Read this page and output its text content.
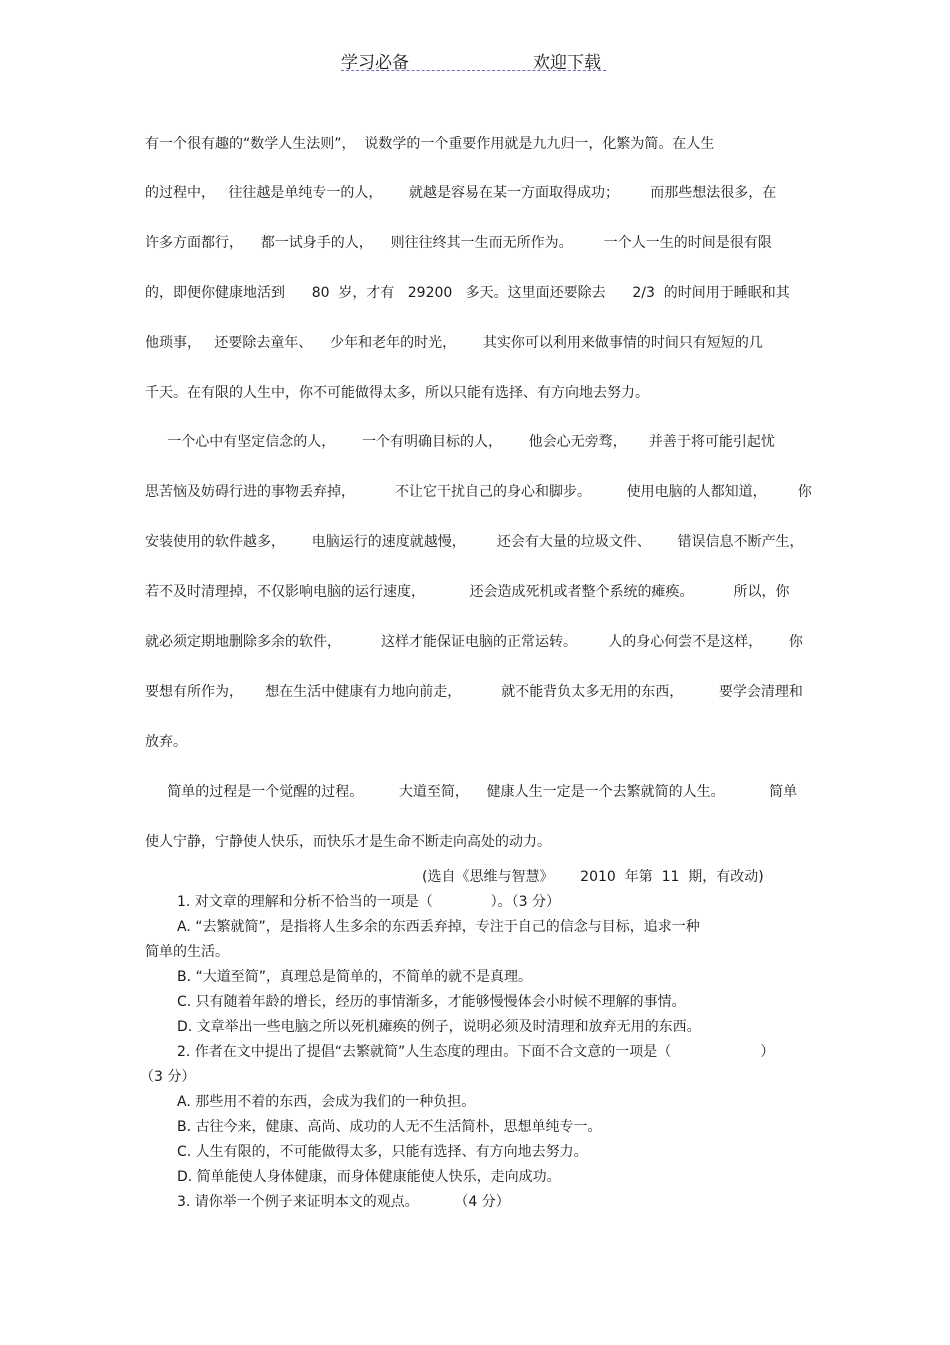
学习必备	欢迎下载
有一个很有趣的“数学人生法则”，  说数学的一个重要作用就是九九归一，化繁为简。在人生
的过程中，   往往越是单纯专一的人，      就越是容易在某一方面取得成功；       而那些想法很多，在
许多方面都行，    都一试身手的人，    则往往终其一生而无所作为。       一个人一生的时间是很有限
的，即便你健康地活到      80  岁，才有   29200   多天。这里面还要除去      2/3  的时间用于睡眠和其
他琐事，   还要除去童年、    少年和老年的时光，      其实你可以利用来做事情的时间只有短短的几
千天。在有限的人生中，你不可能做得太多，所以只能有选择、有方向地去努力。
一个心中有坚定信念的人，      一个有明确目标的人，      他会心无旁骛，     并善于将可能引起忧
思苦恼及妨碍行进的事物丢弃掉，         不让它干扰自己的身心和脚步。        使用电脑的人都知道，       你
安装使用的软件越多，      电脑运行的速度就越慢，       还会有大量的垃圾文件、      错误信息不断产生，
若不及时清理掉，不仅影响电脑的运行速度，          还会造成死机或者整个系统的瘫痪。         所以，你
就必须定期地删除多余的软件，         这样才能保证电脑的正常运转。       人的身心何尝不是这样，      你
要想有所作为，     想在生活中健康有力地向前走，         就不能背负太多无用的东西，        要学会清理和
放弃。
简单的过程是一个觉醒的过程。        大道至简，    健康人生一定是一个去繁就简的人生。          简单
使人宁静，宁静使人快乐，而快乐才是生命不断走向高处的动力。
(选自《思维与智慧》      2010  年第  11  期，有改动)
1. 对文章的理解和分析不恰当的一项是（             ）。（3 分）
A. “去繁就简”，是指将人生多余的东西丢弃掉，专注于自己的信念与目标，追求一种
简单的生活。
B. “大道至简”，真理总是简单的，不简单的就不是真理。
C. 只有随着年龄的增长，经历的事情渐多，才能够慢慢体会小时候不理解的事情。
D. 文章举出一些电脑之所以死机瘫痪的例子，说明必须及时清理和放弃无用的东西。
2. 作者在文中提出了提倡“去繁就简”人生态度的理由。下面不合文意的一项是（                    ）
（3 分）
A. 那些用不着的东西，会成为我们的一种负担。
B. 古往今来，健康、高尚、成功的人无不生活简朴，思想单纯专一。
C. 人生有限的，不可能做得太多，只能有选择、有方向地去努力。
D. 简单能使人身体健康，而身体健康能使人快乐，走向成功。
3. 请你举一个例子来证明本文的观点。        （4 分）
